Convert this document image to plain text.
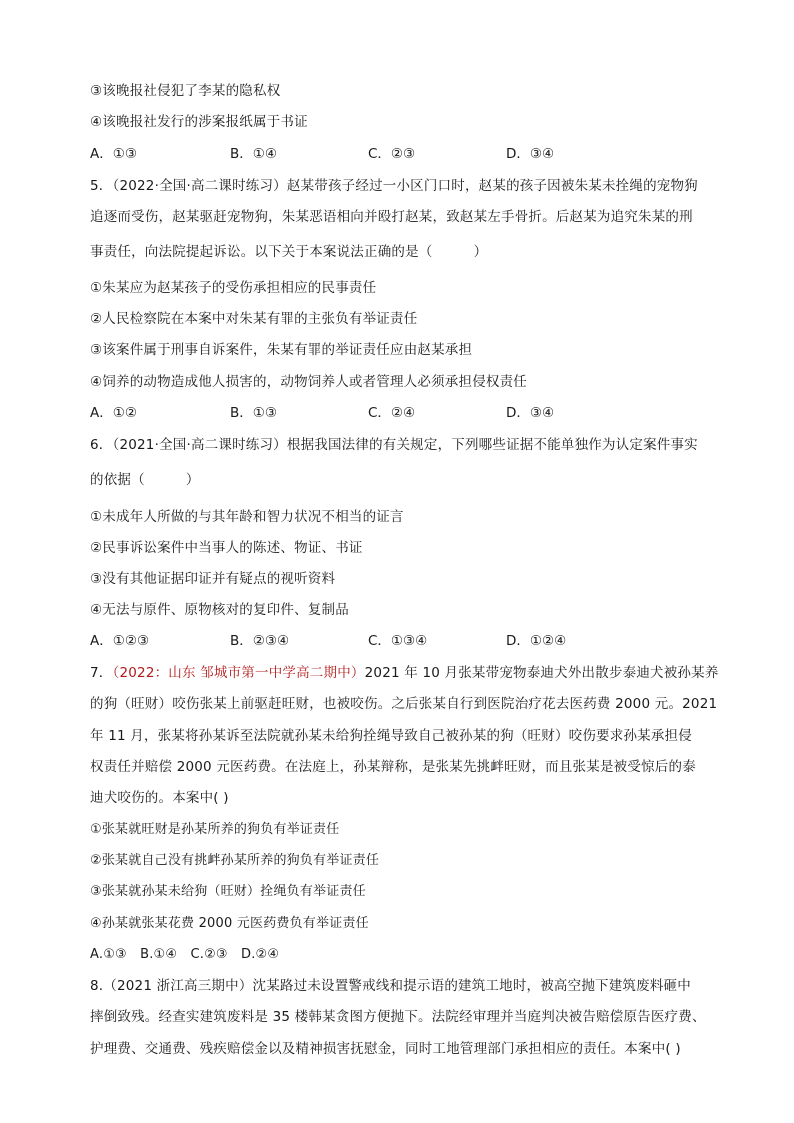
③该晚报社侵犯了李某的隐私权
④该晚报社发行的涉案报纸属于书证
A．①③	B．①④	C．②③	D．③④
5．（2022·全国·高二课时练习）赵某带孩子经过一小区门口时，赵某的孩子因被朱某未拴绳的宠物狗
追逐而受伤，赵某驱赶宠物狗，朱某恶语相向并殴打赵某，致赵某左手骨折。后赵某为追究朱某的刑
事责任，向法院提起诉讼。以下关于本案说法正确的是（　　　）
①朱某应为赵某孩子的受伤承担相应的民事责任
②人民检察院在本案中对朱某有罪的主张负有举证责任
③该案件属于刑事自诉案件，朱某有罪的举证责任应由赵某承担
④饲养的动物造成他人损害的，动物饲养人或者管理人必须承担侵权责任
A．①②	B．①③	C．②④	D．③④
6．（2021·全国·高二课时练习）根据我国法律的有关规定，下列哪些证据不能单独作为认定案件事实
的依据（　　　）
①未成年人所做的与其年龄和智力状况不相当的证言
②民事诉讼案件中当事人的陈述、物证、书证
③没有其他证据印证并有疑点的视听资料
④无法与原件、原物核对的复印件、复制品
A．①②③	B．②③④	C．①③④	D．①②④
7．（2022：山东 邹城市第一中学高二期中）2021 年 10 月张某带宠物泰迪犬外出散步泰迪犬被孙某养
的狗（旺财）咬伤张某上前驱赶旺财，也被咬伤。之后张某自行到医院治疗花去医药费 2000 元。2021
年 11 月，张某将孙某诉至法院就孙某未给狗拴绳导致自己被孙某的狗（旺财）咬伤要求孙某承担侵
权责任并赔偿 2000 元医药费。在法庭上，孙某辩称，是张某先挑衅旺财，而且张某是被受惊后的泰
迪犬咬伤的。本案中( )
①张某就旺财是孙某所养的狗负有举证责任
②张某就自己没有挑衅孙某所养的狗负有举证责任
③张某就孙某未给狗（旺财）拴绳负有举证责任
④孙某就张某花费 2000 元医药费负有举证责任
A.①③　B.①④　C.②③　D.②④
8.（2021 浙江高三期中）沈某路过未设置警戒线和提示语的建筑工地时，被高空抛下建筑废料砸中
摔倒致残。经查实建筑废料是 35 楼韩某贪图方便抛下。法院经审理并当庭判决被告赔偿原告医疗费、
护理费、交通费、残疾赔偿金以及精神损害抚慰金，同时工地管理部门承担相应的责任。本案中( )
